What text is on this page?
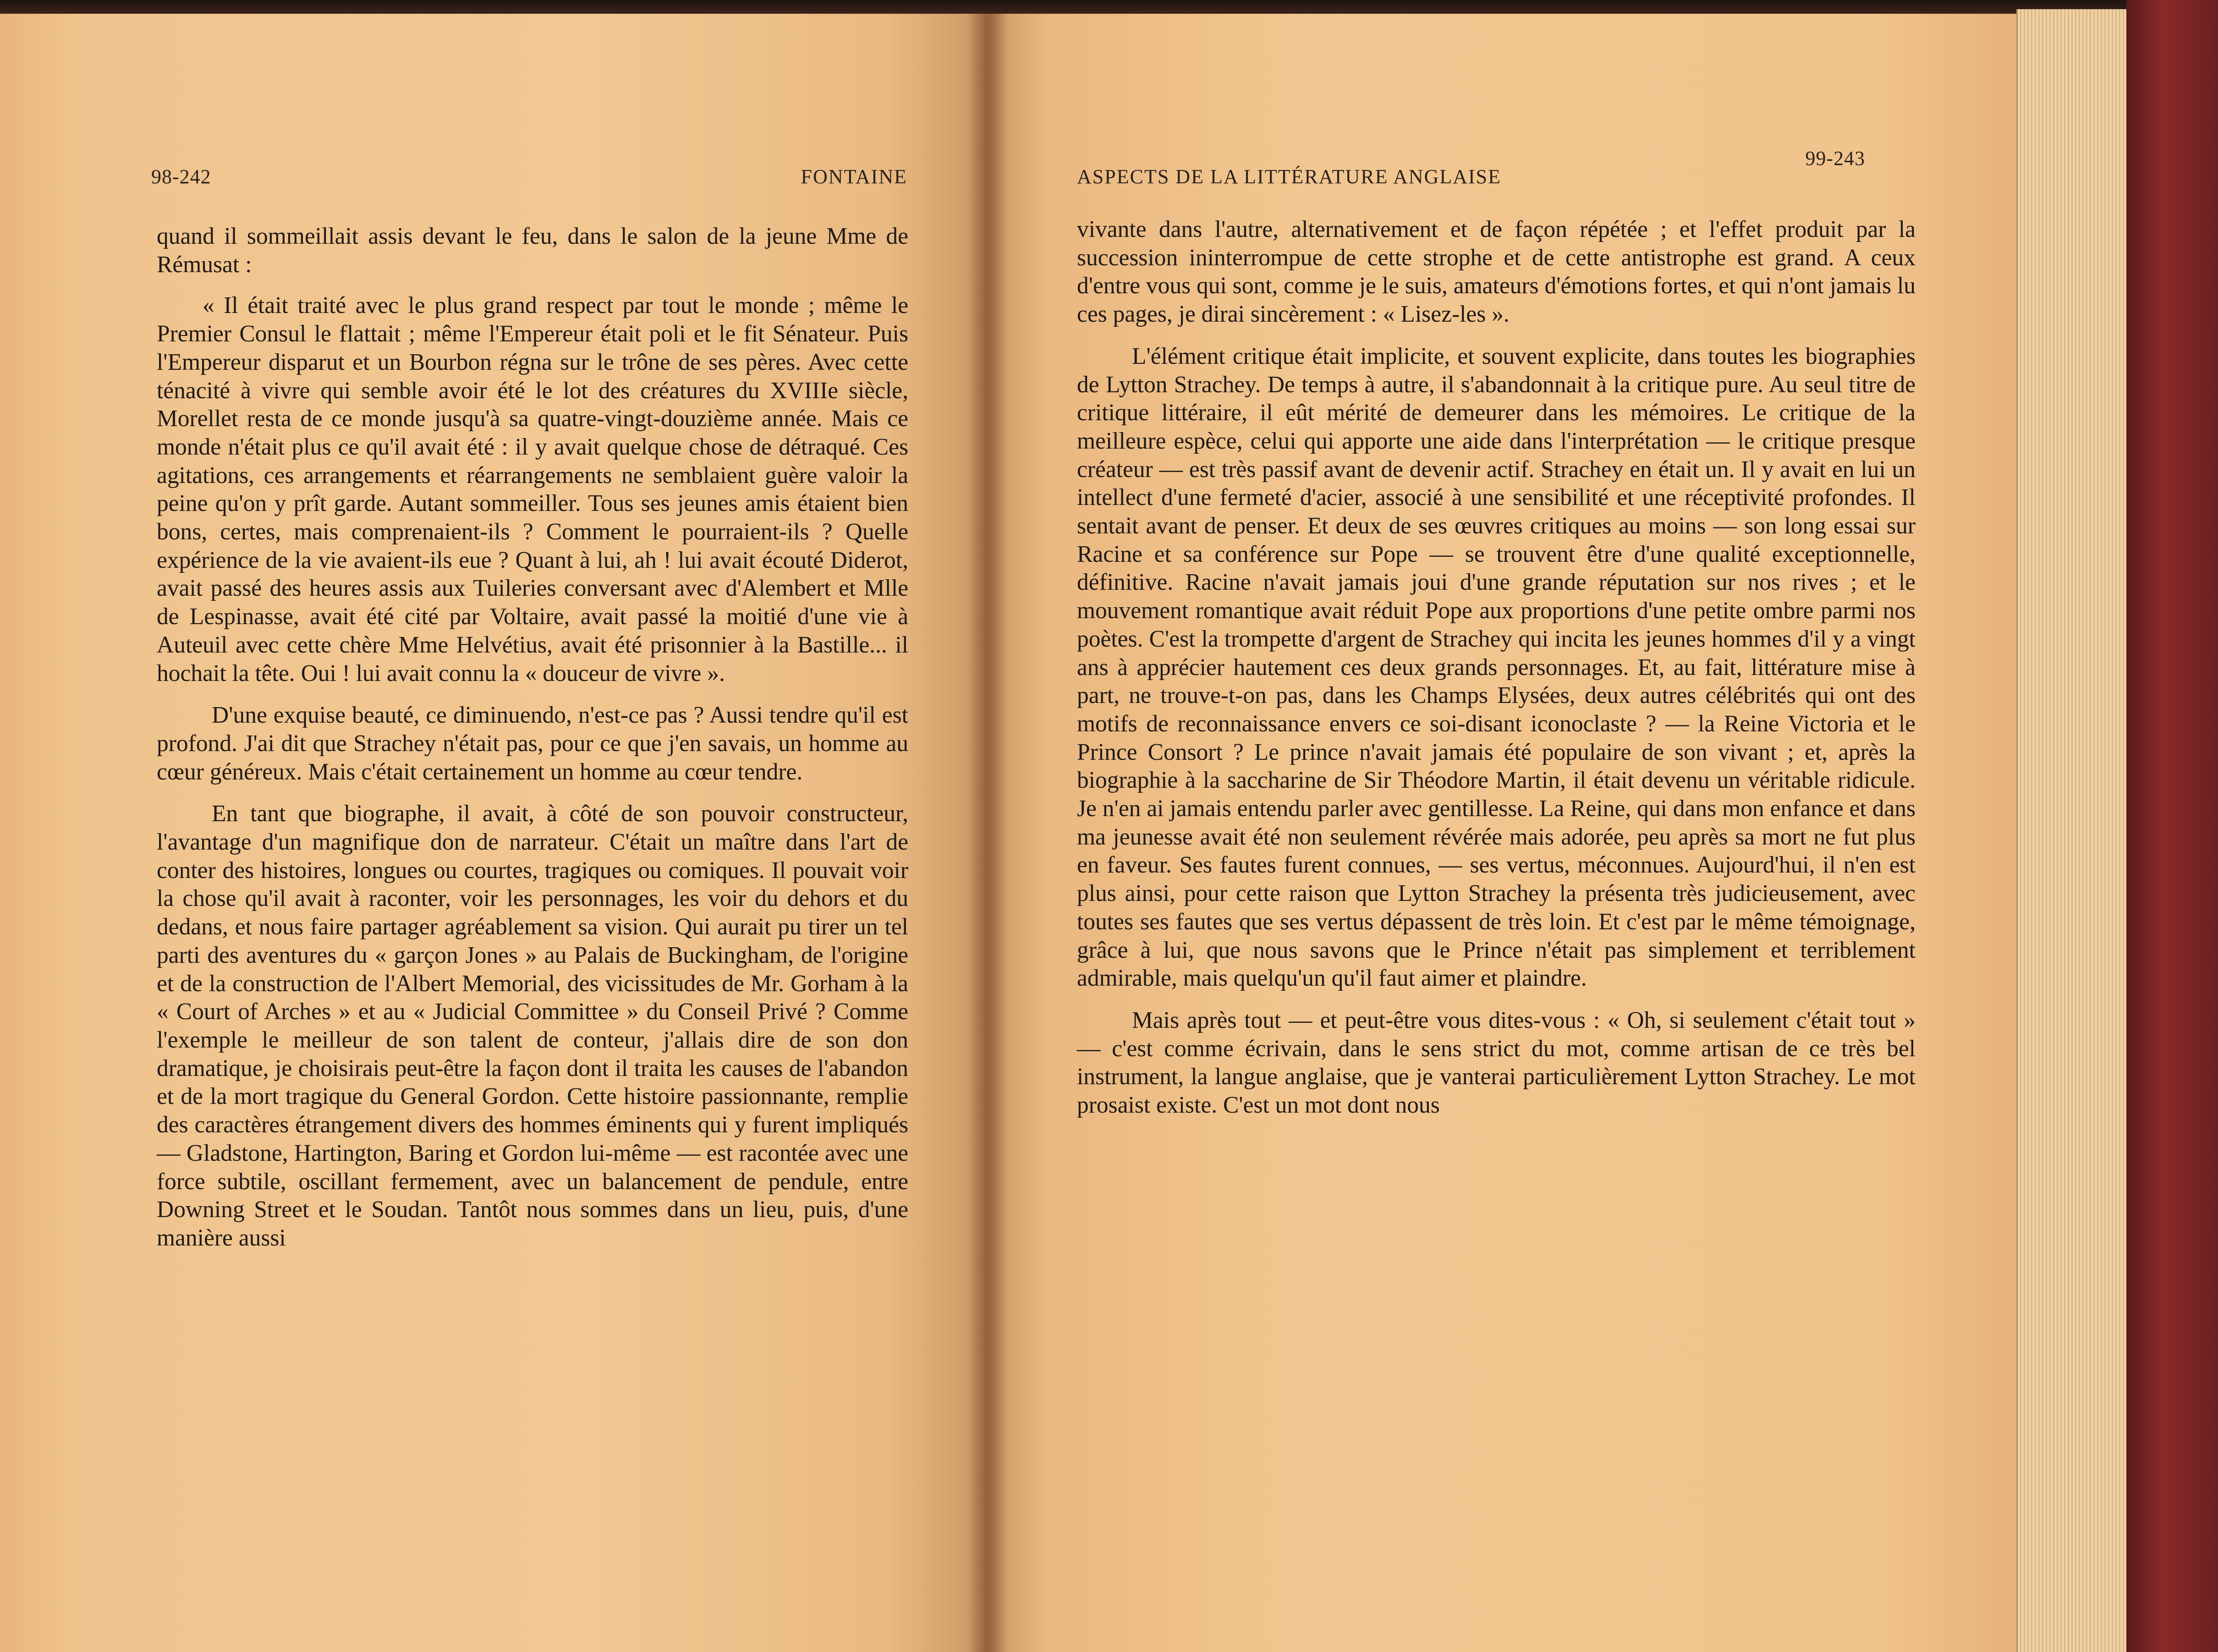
98-242	FONTAINE

quand il sommeillait assis devant le feu, dans le salon de la jeune Mme de Rémusat :

« Il était traité avec le plus grand respect par tout le monde ; même le Premier Consul le flattait ; même l'Empereur était poli et le fit Sénateur. Puis l'Empereur disparut et un Bourbon régna sur le trône de ses pères. Avec cette ténacité à vivre qui semble avoir été le lot des créatures du XVIIIe siècle, Morellet resta de ce monde jusqu'à sa quatre-vingt-douzième année. Mais ce monde n'était plus ce qu'il avait été : il y avait quelque chose de détraqué. Ces agitations, ces arrangements et réarrangements ne semblaient guère valoir la peine qu'on y prît garde. Autant sommeiller. Tous ses jeunes amis étaient bien bons, certes, mais comprenaient-ils ? Comment le pourraient-ils ? Quelle expérience de la vie avaient-ils eue ? Quant à lui, ah ! lui avait écouté Diderot, avait passé des heures assis aux Tuileries conversant avec d'Alembert et Mlle de Lespinasse, avait été cité par Voltaire, avait passé la moitié d'une vie à Auteuil avec cette chère Mme Helvétius, avait été prisonnier à la Bastille... il hochait la tête. Oui ! lui avait connu la « douceur de vivre ».

D'une exquise beauté, ce diminuendo, n'est-ce pas ? Aussi tendre qu'il est profond. J'ai dit que Strachey n'était pas, pour ce que j'en savais, un homme au cœur généreux. Mais c'était certainement un homme au cœur tendre.

En tant que biographe, il avait, à côté de son pouvoir constructeur, l'avantage d'un magnifique don de narrateur. C'était un maître dans l'art de conter des histoires, longues ou courtes, tragiques ou comiques. Il pouvait voir la chose qu'il avait à raconter, voir les personnages, les voir du dehors et du dedans, et nous faire partager agréablement sa vision. Qui aurait pu tirer un tel parti des aventures du « garçon Jones » au Palais de Buckingham, de l'origine et de la construction de l'Albert Memorial, des vicissitudes de Mr. Gorham à la « Court of Arches » et au « Judicial Committee » du Conseil Privé ? Comme l'exemple le meilleur de son talent de conteur, j'allais dire de son don dramatique, je choisirais peut-être la façon dont il traita les causes de l'abandon et de la mort tragique du General Gordon. Cette histoire passionnante, remplie des caractères étrangement divers des hommes éminents qui y furent impliqués — Gladstone, Hartington, Baring et Gordon lui-même — est racontée avec une force subtile, oscillant fermement, avec un balancement de pendule, entre Downing Street et le Soudan. Tantôt nous sommes dans un lieu, puis, d'une manière aussi

ASPECTS DE LA LITTÉRATURE ANGLAISE
99-243

vivante dans l'autre, alternativement et de façon répétée ; et l'effet produit par la succession ininterrompue de cette strophe et de cette antistrophe est grand. A ceux d'entre vous qui sont, comme je le suis, amateurs d'émotions fortes, et qui n'ont jamais lu ces pages, je dirai sincèrement : « Lisez-les ».

L'élément critique était implicite, et souvent explicite, dans toutes les biographies de Lytton Strachey. De temps à autre, il s'abandonnait à la critique pure. Au seul titre de critique littéraire, il eût mérité de demeurer dans les mémoires. Le critique de la meilleure espèce, celui qui apporte une aide dans l'interprétation — le critique presque créateur — est très passif avant de devenir actif. Strachey en était un. Il y avait en lui un intellect d'une fermeté d'acier, associé à une sensibilité et une réceptivité profondes. Il sentait avant de penser. Et deux de ses œuvres critiques au moins — son long essai sur Racine et sa conférence sur Pope — se trouvent être d'une qualité exceptionnelle, définitive. Racine n'avait jamais joui d'une grande réputation sur nos rives ; et le mouvement romantique avait réduit Pope aux proportions d'une petite ombre parmi nos poètes. C'est la trompette d'argent de Strachey qui incita les jeunes hommes d'il y a vingt ans à apprécier hautement ces deux grands personnages. Et, au fait, littérature mise à part, ne trouve-t-on pas, dans les Champs Elysées, deux autres célébrités qui ont des motifs de reconnaissance envers ce soi-disant iconoclaste ? — la Reine Victoria et le Prince Consort ? Le prince n'avait jamais été populaire de son vivant ; et, après la biographie à la saccharine de Sir Théodore Martin, il était devenu un véritable ridicule. Je n'en ai jamais entendu parler avec gentillesse. La Reine, qui dans mon enfance et dans ma jeunesse avait été non seulement révérée mais adorée, peu après sa mort ne fut plus en faveur. Ses fautes furent connues, — ses vertus, méconnues. Aujourd'hui, il n'en est plus ainsi, pour cette raison que Lytton Strachey la présenta très judicieusement, avec toutes ses fautes que ses vertus dépassent de très loin. Et c'est par le même témoignage, grâce à lui, que nous savons que le Prince n'était pas simplement et terriblement admirable, mais quelqu'un qu'il faut aimer et plaindre.

Mais après tout — et peut-être vous dites-vous : « Oh, si seulement c'était tout » — c'est comme écrivain, dans le sens strict du mot, comme artisan de ce très bel instrument, la langue anglaise, que je vanterai particulièrement Lytton Strachey. Le mot prosaist existe. C'est un mot dont nous
